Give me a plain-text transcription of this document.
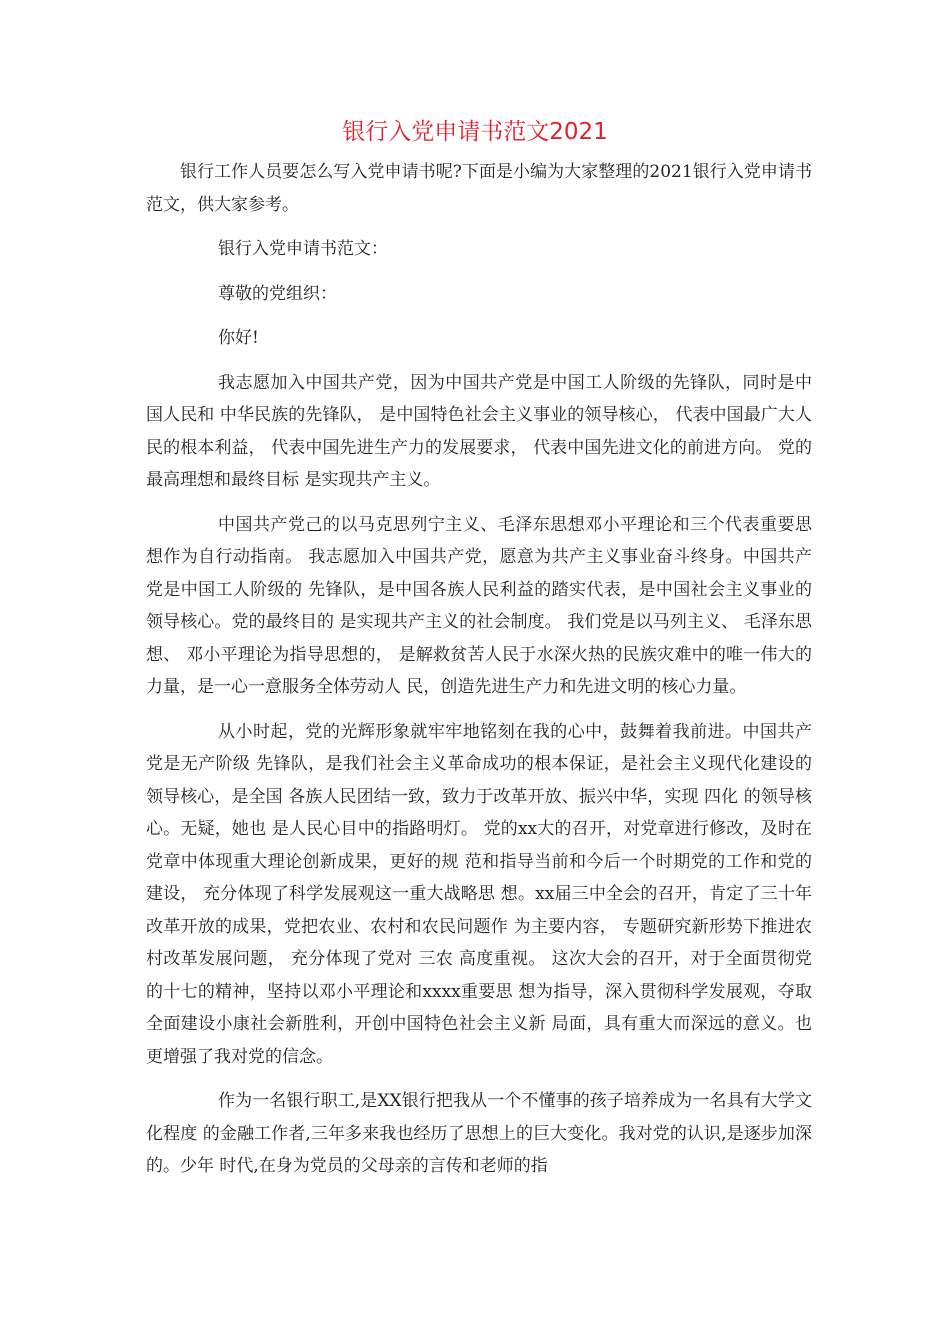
银行入党申请书范文2021

银行工作人员要怎么写入党申请书呢?下面是小编为大家整理的2021银行入党申请书范文，供大家参考。

银行入党申请书范文：

尊敬的党组织：

你好!

我志愿加入中国共产党，因为中国共产党是中国工人阶级的先锋队，同时是中国人民和 中华民族的先锋队， 是中国特色社会主义事业的领导核心， 代表中国最广大人民的根本利益， 代表中国先进生产力的发展要求， 代表中国先进文化的前进方向。 党的最高理想和最终目标 是实现共产主义。

中国共产党己的以马克思列宁主义、毛泽东思想邓小平理论和三个代表重要思想作为自行动指南。 我志愿加入中国共产党，愿意为共产主义事业奋斗终身。中国共产党是中国工人阶级的 先锋队，是中国各族人民利益的踏实代表，是中国社会主义事业的领导核心。党的最终目的 是实现共产主义的社会制度。 我们党是以马列主义、 毛泽东思想、 邓小平理论为指导思想的， 是解救贫苦人民于水深火热的民族灾难中的唯一伟大的力量，是一心一意服务全体劳动人 民，创造先进生产力和先进文明的核心力量。

从小时起，党的光辉形象就牢牢地铭刻在我的心中，鼓舞着我前进。中国共产党是无产阶级 先锋队，是我们社会主义革命成功的根本保证，是社会主义现代化建设的领导核心，是全国 各族人民团结一致，致力于改革开放、振兴中华，实现 四化 的领导核心。无疑，她也 是人民心目中的指路明灯。 党的xx大的召开，对党章进行修改，及时在党章中体现重大理论创新成果，更好的规 范和指导当前和今后一个时期党的工作和党的建设， 充分体现了科学发展观这一重大战略思 想。xx届三中全会的召开，肯定了三十年改革开放的成果，党把农业、农村和农民问题作 为主要内容， 专题研究新形势下推进农村改革发展问题， 充分体现了党对 三农 高度重视。 这次大会的召开，对于全面贯彻党的十七的精神，坚持以邓小平理论和xxxx重要思 想为指导，深入贯彻科学发展观，夺取全面建设小康社会新胜利，开创中国特色社会主义新 局面，具有重大而深远的意义。也更增强了我对党的信念。

作为一名银行职工,是XX银行把我从一个不懂事的孩子培养成为一名具有大学文化程度 的金融工作者,三年多来我也经历了思想上的巨大变化。我对党的认识,是逐步加深的。少年 时代,在身为党员的父母亲的言传和老师的指
